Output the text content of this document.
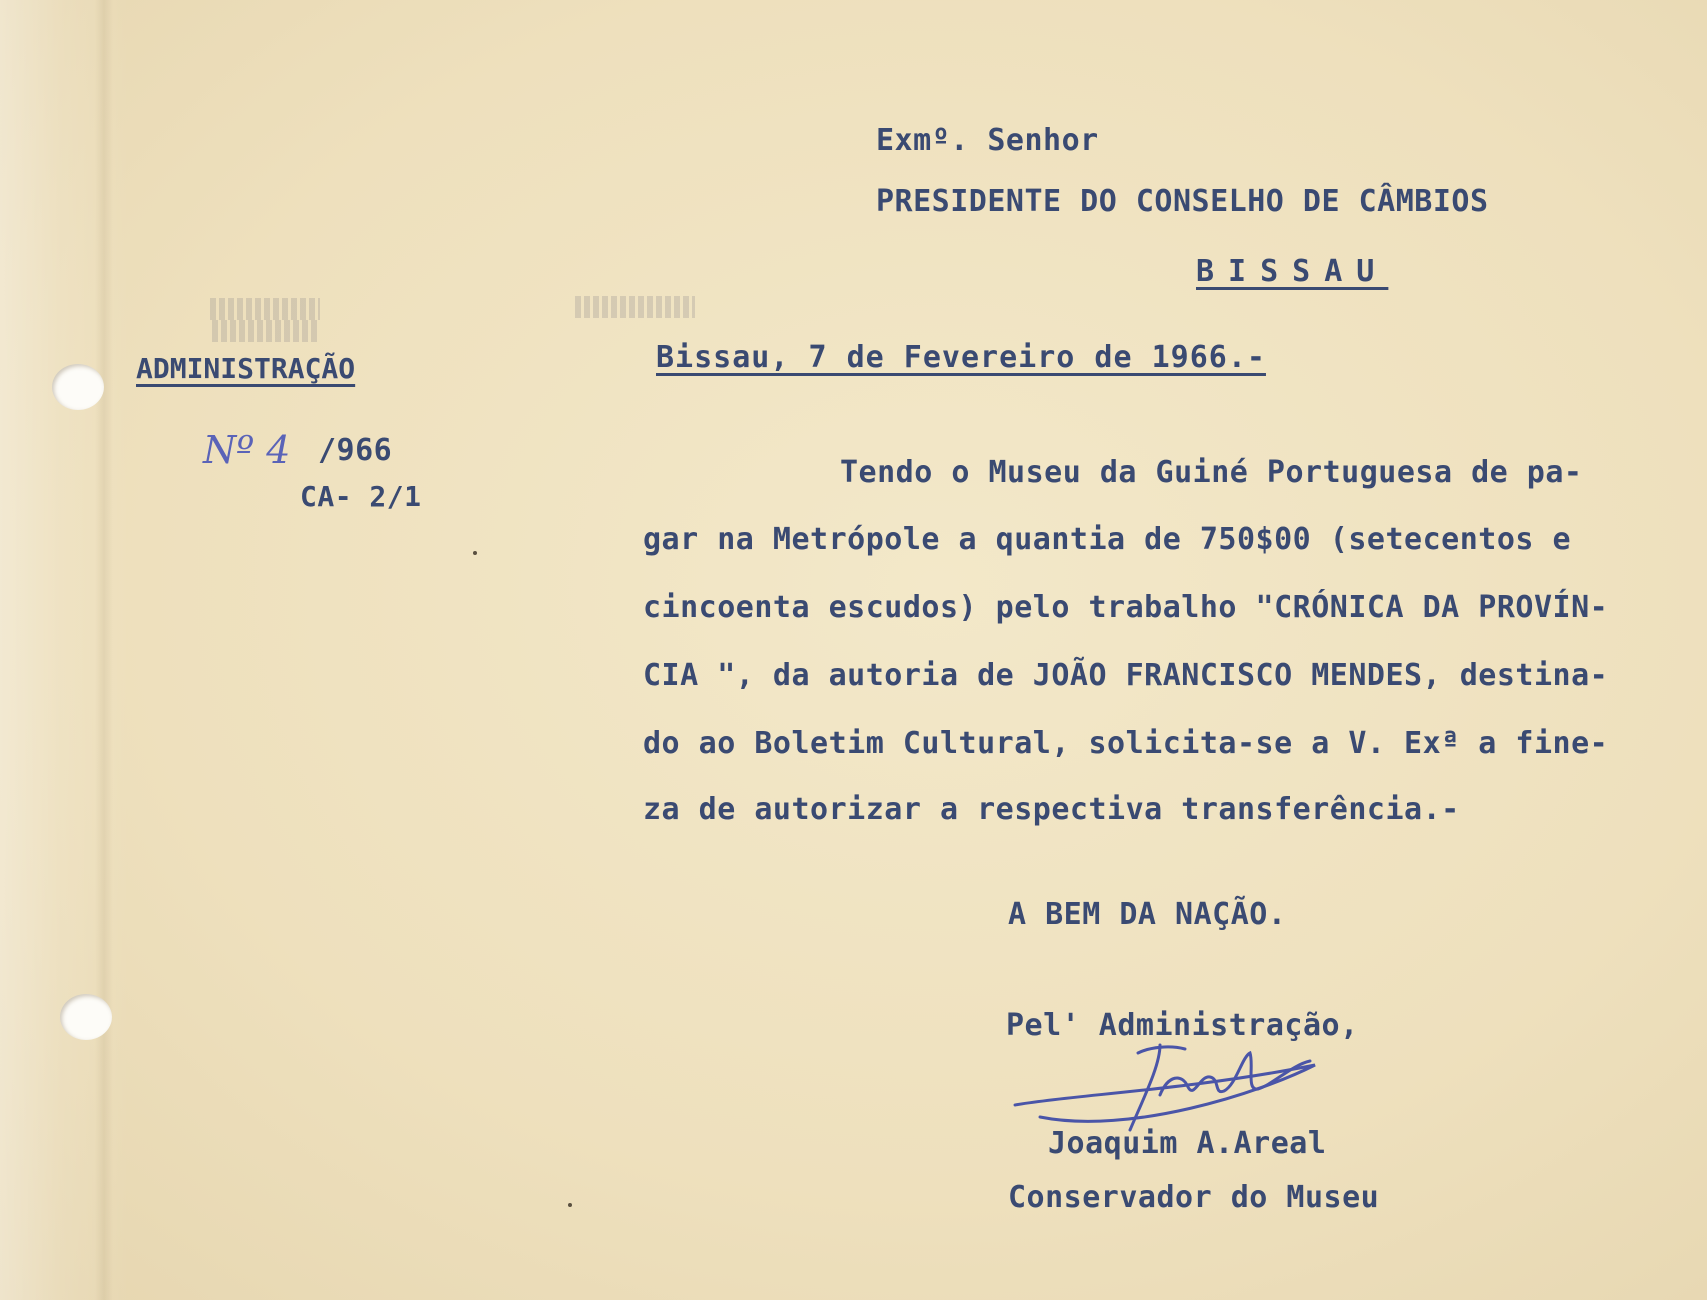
Exmº. Senhor
PRESIDENTE DO CONSELHO DE CÂMBIOS
BISSAU
ADMINISTRAÇÃO
Nº 4 /966
CA- 2/1
Bissau, 7 de Fevereiro de 1966.-
Tendo o Museu da Guiné Portuguesa de pa-
gar na Metrópole a quantia de 750$00 (setecentos e
cincoenta escudos) pelo trabalho "CRÓNICA DA PROVÍN-
CIA ", da autoria de JOÃO FRANCISCO MENDES, destina-
do ao Boletim Cultural, solicita-se a V. Exª a fine-
za de autorizar a respectiva transferência.-
A BEM DA NAÇÃO.
Pel' Administração,
Joaquim A.Areal
Conservador do Museu
